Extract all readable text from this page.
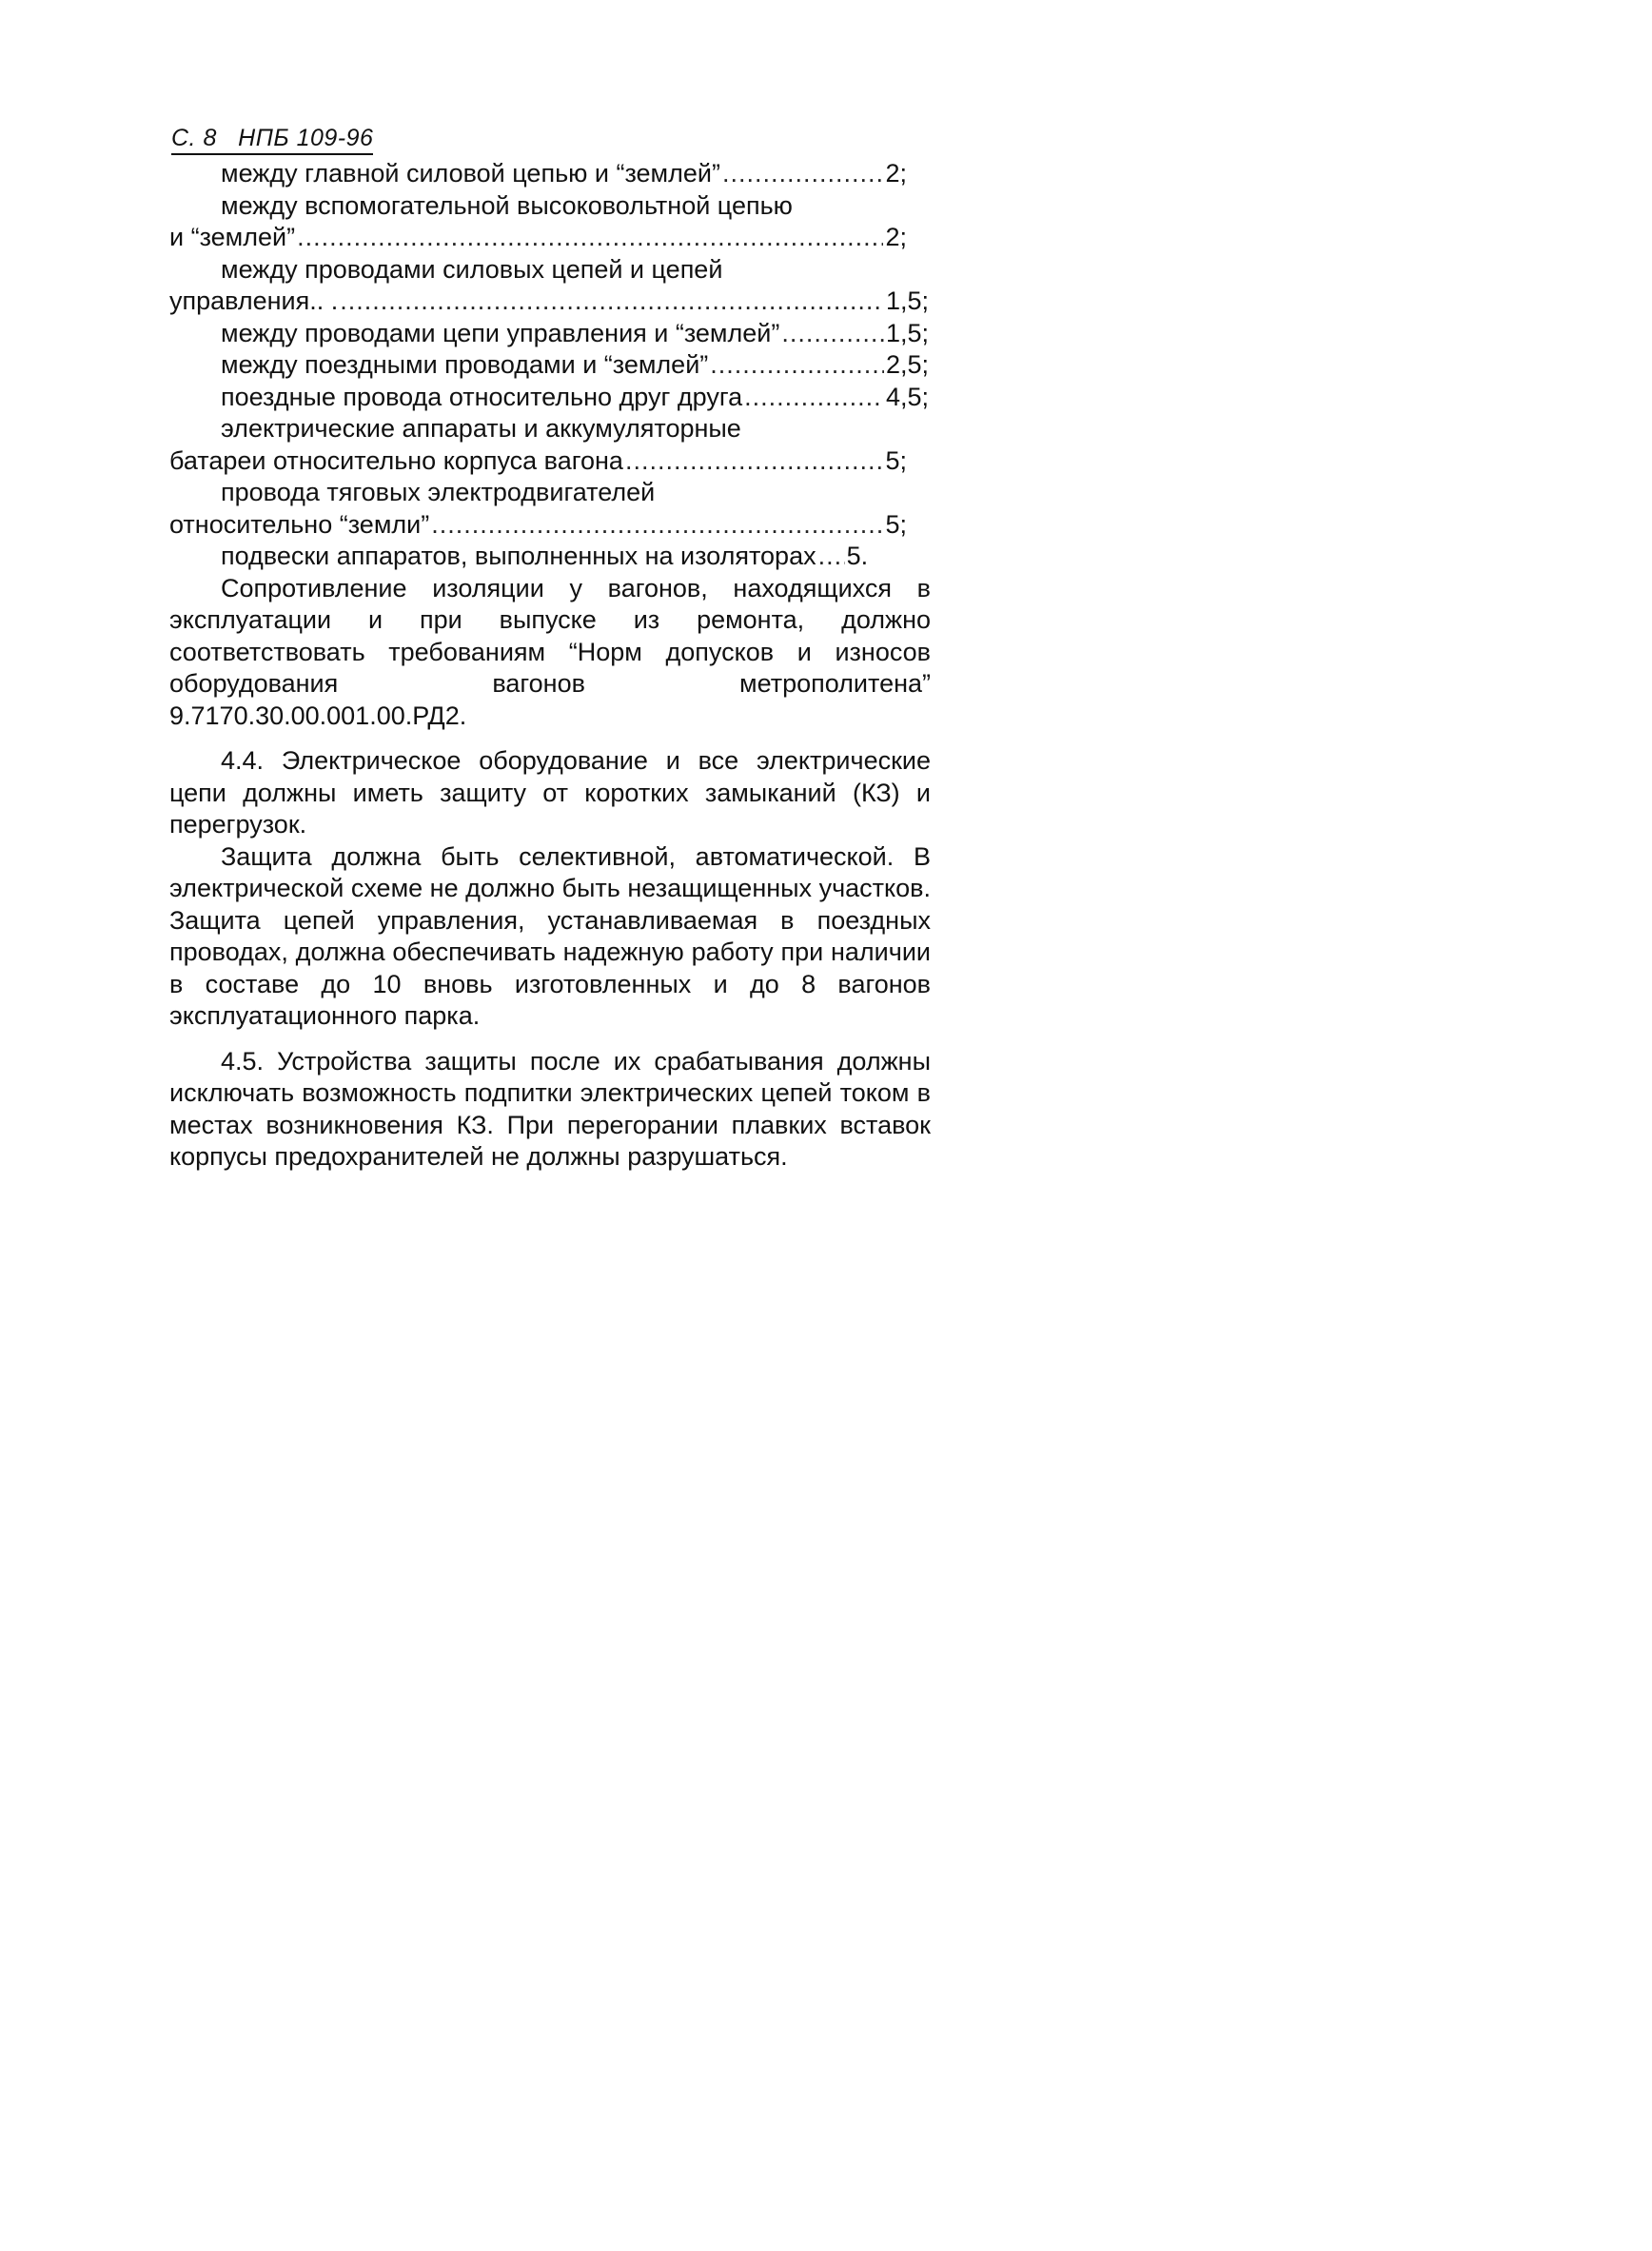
С. 8   НПБ 109-96
между главной силовой цепью и “землей” .....	2;
между вспомогательной высоковольтной цепью
и “землей” .....	2;
между проводами силовых цепей и цепей
управления.. . .....	1,5;
между проводами цепи управления и “землей” .....	1,5;
между поездными проводами и “землей” .....	2,5;
поездные провода относительно друг друга .....	4,5;
электрические аппараты и аккумуляторные
батареи относительно корпуса вагона .....	5;
провода тяговых электродвигателей
относительно “земли” .....	5;
подвески аппаратов, выполненных на изоляторах ..... 5.

Сопротивление изоляции у вагонов, находящихся в эксплуатации и при выпуске из ремонта, должно соответствовать требованиям “Норм допусков и износов оборудования вагонов метрополитена” 9.7170.30.00.001.00.РД2.

4.4. Электрическое оборудование и все электрические цепи должны иметь защиту от коротких замыканий (КЗ) и перегрузок.

Защита должна быть селективной, автоматической. В электрической схеме не должно быть незащищенных участков. Защита цепей управления, устанавливаемая в поездных проводах, должна обеспечивать надежную работу при наличии в составе до 10 вновь изготовленных и до 8 вагонов эксплуатационного парка.

4.5. Устройства защиты после их срабатывания должны исключать возможность подпитки электрических цепей током в местах возникновения КЗ. При перегорании плавких вставок корпусы предохранителей не должны разрушаться.
